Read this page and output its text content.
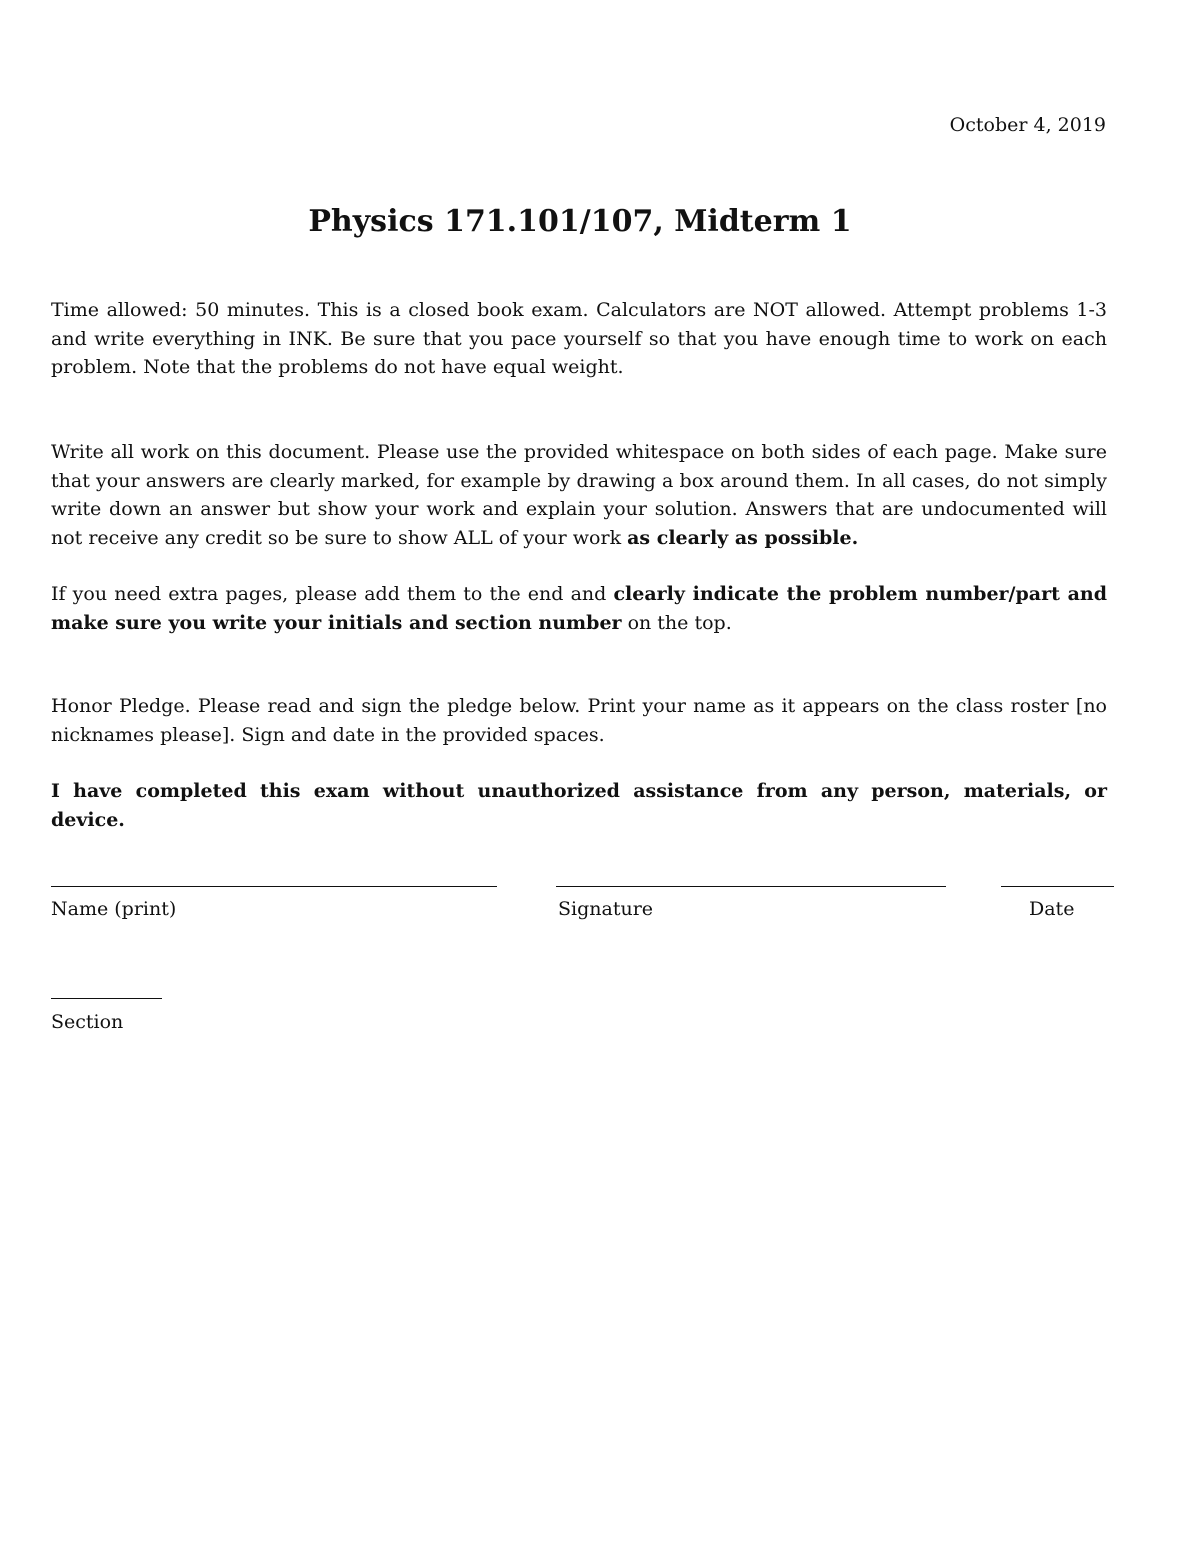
October 4, 2019
Physics 171.101/107, Midterm 1

Time allowed: 50 minutes. This is a closed book exam. Calculators are NOT allowed. Attempt problems 1-3 and write everything in INK. Be sure that you pace yourself so that you have enough time to work on each problem. Note that the problems do not have equal weight.

Write all work on this document. Please use the provided whitespace on both sides of each page. Make sure that your answers are clearly marked, for example by drawing a box around them. In all cases, do not simply write down an answer but show your work and explain your solution. Answers that are undocumented will not receive any credit so be sure to show ALL of your work as clearly as possible.

If you need extra pages, please add them to the end and clearly indicate the problem number/part and make sure you write your initials and section number on the top.

Honor Pledge. Please read and sign the pledge below. Print your name as it appears on the class roster [no nicknames please]. Sign and date in the provided spaces.

I have completed this exam without unauthorized assistance from any person, materials, or device.

Name (print)	Signature	Date
Section
